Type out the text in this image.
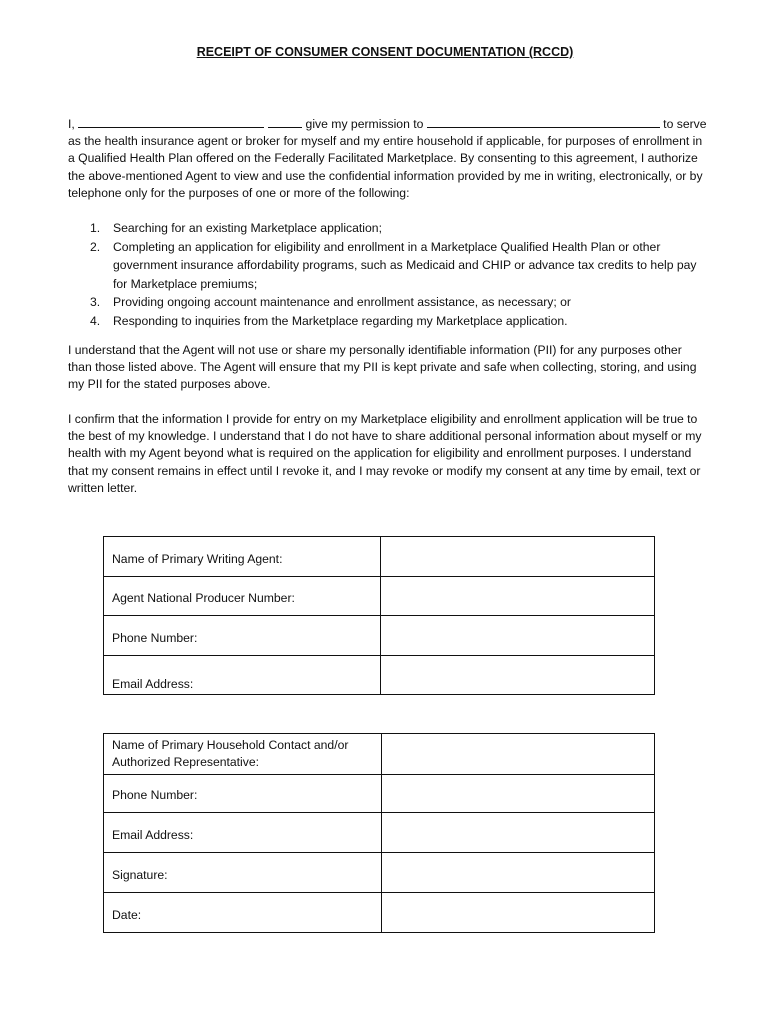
RECEIPT OF CONSUMER CONSENT DOCUMENTATION (RCCD)
I,	give my permission to	to serve as the health insurance agent or broker for myself and my entire household if applicable, for purposes of enrollment in a Qualified Health Plan offered on the Federally Facilitated Marketplace. By consenting to this agreement, I authorize the above-mentioned Agent to view and use the confidential information provided by me in writing, electronically, or by telephone only for the purposes of one or more of the following:
1. Searching for an existing Marketplace application;
2. Completing an application for eligibility and enrollment in a Marketplace Qualified Health Plan or other government insurance affordability programs, such as Medicaid and CHIP or advance tax credits to help pay for Marketplace premiums;
3. Providing ongoing account maintenance and enrollment assistance, as necessary; or
4. Responding to inquiries from the Marketplace regarding my Marketplace application.
I understand that the Agent will not use or share my personally identifiable information (PII) for any purposes other than those listed above. The Agent will ensure that my PII is kept private and safe when collecting, storing, and using my PII for the stated purposes above.
I confirm that the information I provide for entry on my Marketplace eligibility and enrollment application will be true to the best of my knowledge. I understand that I do not have to share additional personal information about myself or my health with my Agent beyond what is required on the application for eligibility and enrollment purposes. I understand that my consent remains in effect until I revoke it, and I may revoke or modify my consent at any time by email, text or written letter.
Name of Primary Writing Agent:	
Agent National Producer Number:	
Phone Number:	
Email Address:	
Name of Primary Household Contact and/or Authorized Representative:	
Phone Number:	
Email Address:	
Signature:	
Date:	
